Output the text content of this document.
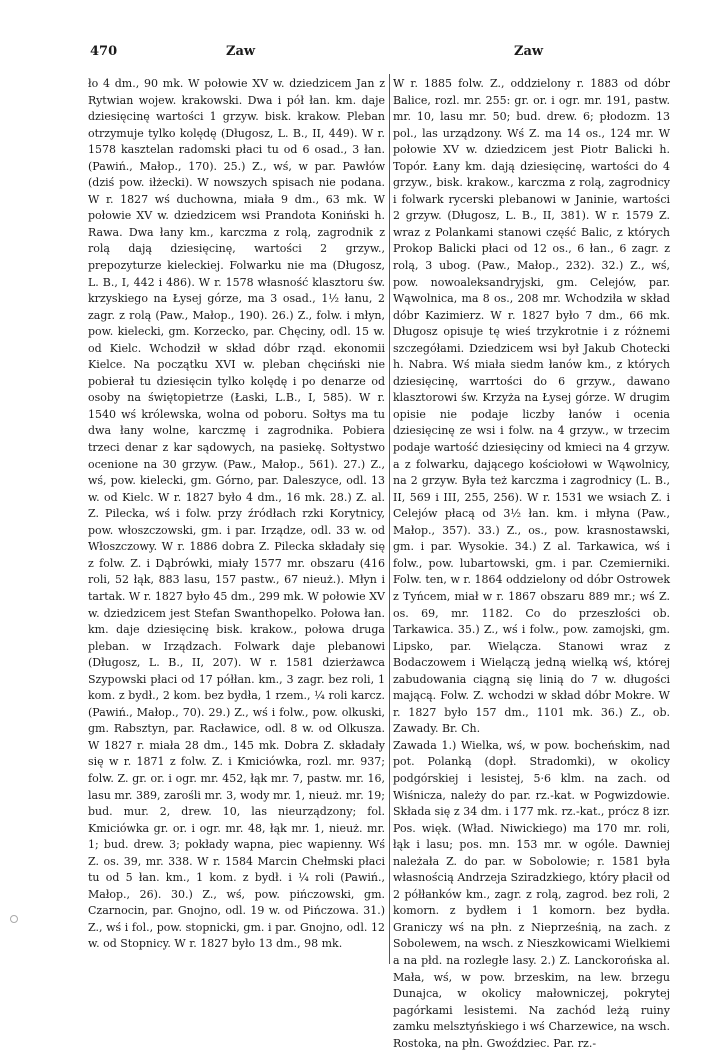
470	Zaw	Zaw
ło 4 dm., 90 mk. W połowie XV w. dziedzicem Jan z Rytwian wojew. krakowski. Dwa i pół łan. km. daje dziesięcinę wartości 1 grzyw. bisk. krakow. Pleban otrzymuje tylko kolędę (Długosz, L. B., II, 449). W r. 1578 kasztelan radomski płaci tu od 6 osad., 3 łan. (Pawiń., Małop., 170). 25.) Z., wś, w par. Pawłów (dziś pow. iłżecki). W nowszych spisach nie podana. W r. 1827 wś duchowna, miała 9 dm., 63 mk. W połowie XV w. dziedzicem wsi Prandota Koniński h. Rawa. Dwa łany km., karczma z rolą, zagrodnik z rolą dają dziesięcinę, wartości 2 grzyw., prepozyturze kieleckiej. Folwarku nie ma (Długosz, L. B., I, 442 i 486). W r. 1578 własność klasztoru św. krzyskiego na Łysej górze, ma 3 osad., 1½ łanu, 2 zagr. z rolą (Paw., Małop., 190). 26.) Z., folw. i młyn, pow. kielecki, gm. Korzecko, par. Chęciny, odl. 15 w. od Kielc. Wchodził w skład dóbr rząd. ekonomii Kielce. Na początku XVI w. pleban chęciński nie pobierał tu dziesięcin tylko kolędę i po denarze od osoby na świętopietrze (Łaski, L.B., I, 585). W r. 1540 wś królewska, wolna od poboru. Sołtys ma tu dwa łany wolne, karczmę i zagrodnika. Pobiera trzeci denar z kar sądowych, na pasiekę. Sołtystwo ocenione na 30 grzyw. (Paw., Małop., 561). 27.) Z., wś, pow. kielecki, gm. Górno, par. Daleszyce, odl. 13 w. od Kielc. W r. 1827 było 4 dm., 16 mk. 28.) Z. al. Z. Pilecka, wś i folw. przy źródłach rzki Korytnicy, pow. włoszczowski, gm. i par. Irządze, odl. 33 w. od Włoszczowy. W r. 1886 dobra Z. Pilecka składały się z folw. Z. i Dąbrówki, miały 1577 mr. obszaru (416 roli, 52 łąk, 883 lasu, 157 pastw., 67 nieuż.). Młyn i tartak. W r. 1827 było 45 dm., 299 mk. W połowie XV w. dziedzicem jest Stefan Swanthopelko. Połowa łan. km. daje dziesięcinę bisk. krakow., połowa druga pleban. w Irządzach. Folwark daje plebanowi (Długosz, L. B., II, 207). W r. 1581 dzierżawca Szypowski płaci od 17 półłan. km., 3 zagr. bez roli, 1 kom. z bydł., 2 kom. bez bydła, 1 rzem., ¼ roli karcz. (Pawiń., Małop., 70). 29.) Z., wś i folw., pow. olkuski, gm. Rabsztyn, par. Racławice, odl. 8 w. od Olkusza. W 1827 r. miała 28 dm., 145 mk. Dobra Z. składały się w r. 1871 z folw. Z. i Kmiciówka, rozl. mr. 937; folw. Z. gr. or. i ogr. mr. 452, łąk mr. 7, pastw. mr. 16, lasu mr. 389, zarośli mr. 3, wody mr. 1, nieuż. mr. 19; bud. mur. 2, drew. 10, las nieurządzony; fol. Kmiciówka gr. or. i ogr. mr. 48, łąk mr. 1, nieuż. mr. 1; bud. drew. 3; pokłady wapna, piec wapienny. Wś Z. os. 39, mr. 338. W r. 1584 Marcin Chełmski płaci tu od 5 łan. km., 1 kom. z bydł. i ¼ roli (Pawiń., Małop., 26). 30.) Z., wś, pow. pińczowski, gm. Czarnocin, par. Gnojno, odl. 19 w. od Pińczowa. 31.) Z., wś i fol., pow. stopnicki, gm. i par. Gnojno, odl. 12 w. od Stopnicy. W r. 1827 było 13 dm., 98 mk.
W r. 1885 folw. Z., oddzielony r. 1883 od dóbr Balice, rozl. mr. 255: gr. or. i ogr. mr. 191, pastw. mr. 10, lasu mr. 50; bud. drew. 6; płodozm. 13 pol., las urządzony. Wś Z. ma 14 os., 124 mr. W połowie XV w. dziedzicem jest Piotr Balicki h. Topór. Łany km. dają dziesięcinę, wartości do 4 grzyw., bisk. krakow., karczma z rolą, zagrodnicy i folwark rycerski plebanowi w Janinie, wartości 2 grzyw. (Długosz, L. B., II, 381). W r. 1579 Z. wraz z Polankami stanowi część Balic, z których Prokop Balicki płaci od 12 os., 6 łan., 6 zagr. z rolą, 3 ubog. (Paw., Małop., 232). 32.) Z., wś, pow. nowoaleksandryjski, gm. Celejów, par. Wąwolnica, ma 8 os., 208 mr. Wchodziła w skład dóbr Kazimierz. W r. 1827 było 7 dm., 66 mk. Długosz opisuje tę wieś trzykrotnie i z różnemi szczegółami. Dziedzicem wsi był Jakub Chotecki h. Nabra. Wś miała siedm łanów km., z których dziesięcinę, warrtości do 6 grzyw., dawano klasztorowi św. Krzyża na Łysej górze. W drugim opisie nie podaje liczby łanów i ocenia dziesięcinę ze wsi i folw. na 4 grzyw., w trzecim podaje wartość dziesięciny od kmieci na 4 grzyw. a z folwarku, dającego kościołowi w Wąwolnicy, na 2 grzyw. Była też karczma i zagrodnicy (L. B., II, 569 i III, 255, 256). W r. 1531 we wsiach Z. i Celejów płacą od 3½ łan. km. i młyna (Paw., Małop., 357). 33.) Z., os., pow. krasnostawski, gm. i par. Wysokie. 34.) Z al. Tarkawica, wś i folw., pow. lubartowski, gm. i par. Czemierniki. Folw. ten, w r. 1864 oddzielony od dóbr Ostrowek z Tyńcem, miał w r. 1867 obszaru 889 mr.; wś Z. os. 69, mr. 1182. Co do przeszłości ob. Tarkawica. 35.) Z., wś i folw., pow. zamojski, gm. Lipsko, par. Wielącza. Stanowi wraz z Bodaczowem i Wielączą jedną wielką wś, której zabudowania ciągną się linią do 7 w. długości mającą. Folw. Z. wchodzi w skład dóbr Mokre. W r. 1827 było 157 dm., 1101 mk. 36.) Z., ob. Zawady. Br. Ch.
Zawada 1.) Wielka, wś, w pow. bocheńskim, nad pot. Polanką (dopł. Stradomki), w okolicy podgórskiej i lesistej, 5·6 klm. na zach. od Wiśnicza, należy do par. rz.-kat. w Pogwizdowie. Składa się z 34 dm. i 177 mk. rz.-kat., prócz 8 izr. Pos. więk. (Wład. Niwickiego) ma 170 mr. roli, łąk i lasu; pos. mn. 153 mr. w ogóle. Dawniej należała Z. do par. w Sobolowie; r. 1581 była własnością Andrzeja Sziradzkiego, który płacił od 2 półłanków km., zagr. z rolą, zagrod. bez roli, 2 komorn. z bydłem i 1 komorn. bez bydła. Graniczy wś na płn. z Nieprześnią, na zach. z Sobolewem, na wsch. z Nieszkowicami Wielkiemi a na płd. na rozległe lasy. 2.) Z. Lanckorońska al. Mała, wś, w pow. brzeskim, na lew. brzegu Dunajca, w okolicy małowniczej, pokrytej pagórkami lesistemi. Na zachód leżą ruiny zamku melsztyńskiego i wś Charzewice, na wsch. Rostoka, na płn. Gwoździec. Par. rz.-
